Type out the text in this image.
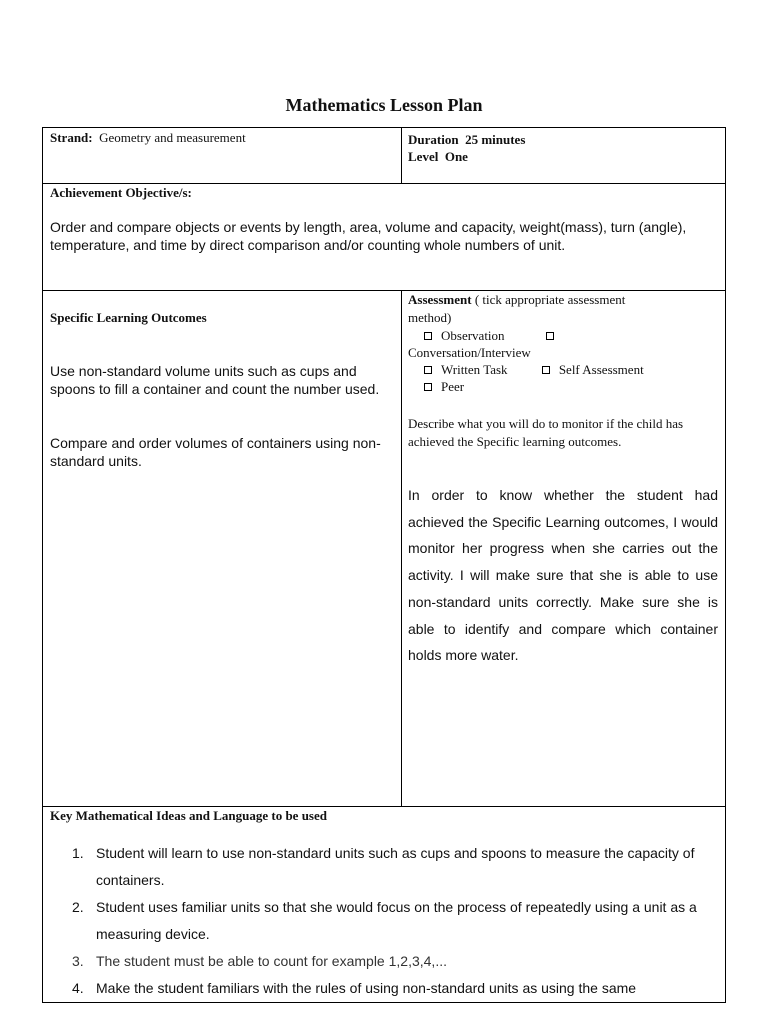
Mathematics Lesson Plan
Strand: Geometry and measurement	Duration 25 minutes
Level One
Achievement Objective/s:
Order and compare objects or events by length, area, volume and capacity, weight(mass), turn (angle), temperature, and time by direct comparison and/or counting whole numbers of unit.
Specific Learning Outcomes
Use non-standard volume units such as cups and spoons to fill a container and count the number used.
Compare and order volumes of containers using non-standard units.
Assessment ( tick appropriate assessment
method)
Observation
Conversation/Interview
Written Task	Self Assessment
Peer
Describe what you will do to monitor if the child has achieved the Specific learning outcomes.
In order to know whether the student had achieved the Specific Learning outcomes, I would monitor her progress when she carries out the activity. I will make sure that she is able to use non-standard units correctly. Make sure she is able to identify and compare which container holds more water.
Key Mathematical Ideas and Language to be used
1. Student will learn to use non-standard units such as cups and spoons to measure the capacity of containers.
2. Student uses familiar units so that she would focus on the process of repeatedly using a unit as a measuring device.
3. The student must be able to count for example 1,2,3,4,...
4. Make the student familiars with the rules of using non-standard units as using the same
